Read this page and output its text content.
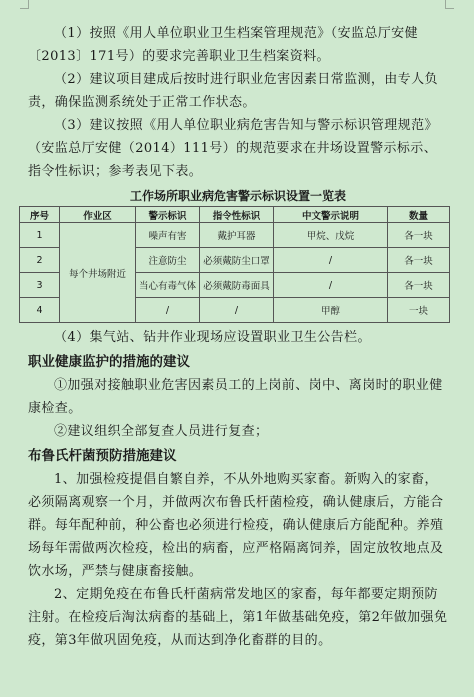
（1）按照《用人单位职业卫生档案管理规范》（安监总厅安健〔2013〕171号）的要求完善职业卫生档案资料。

（2）建议项目建成后按时进行职业危害因素日常监测，由专人负责，确保监测系统处于正常工作状态。

（3）建议按照《用人单位职业病危害告知与警示标识管理规范》（安监总厅安健（2014）111号）的规范要求在井场设置警示标示、指令性标识；参考表见下表。

工作场所职业病危害警示标识设置一览表
序号	作业区	警示标识	指令性标识	中文警示说明	数量
1	每个井场附近	噪声有害	戴护耳器	甲烷、戊烷	各一块
2		注意防尘	必须戴防尘口罩	/	各一块
3		当心有毒气体	必须戴防毒面具	/	各一块
4		/	/	甲醇	一块

（4）集气站、钻井作业现场应设置职业卫生公告栏。

职业健康监护的措施的建议

①加强对接触职业危害因素员工的上岗前、岗中、离岗时的职业健康检查。

②建议组织全部复查人员进行复查；

布鲁氏杆菌预防措施建议

1、加强检疫提倡自繁自养，不从外地购买家畜。新购入的家畜，必须隔离观察一个月，并做两次布鲁氏杆菌检疫，确认健康后，方能合群。每年配种前，种公畜也必须进行检疫，确认健康后方能配种。养殖场每年需做两次检疫，检出的病畜，应严格隔离饲养，固定放牧地点及饮水场，严禁与健康畜接触。

2、定期免疫在布鲁氏杆菌病常发地区的家畜，每年都要定期预防注射。在检疫后淘汰病畜的基础上，第1年做基础免疫，第2年做加强免疫，第3年做巩固免疫，从而达到净化畜群的目的。
